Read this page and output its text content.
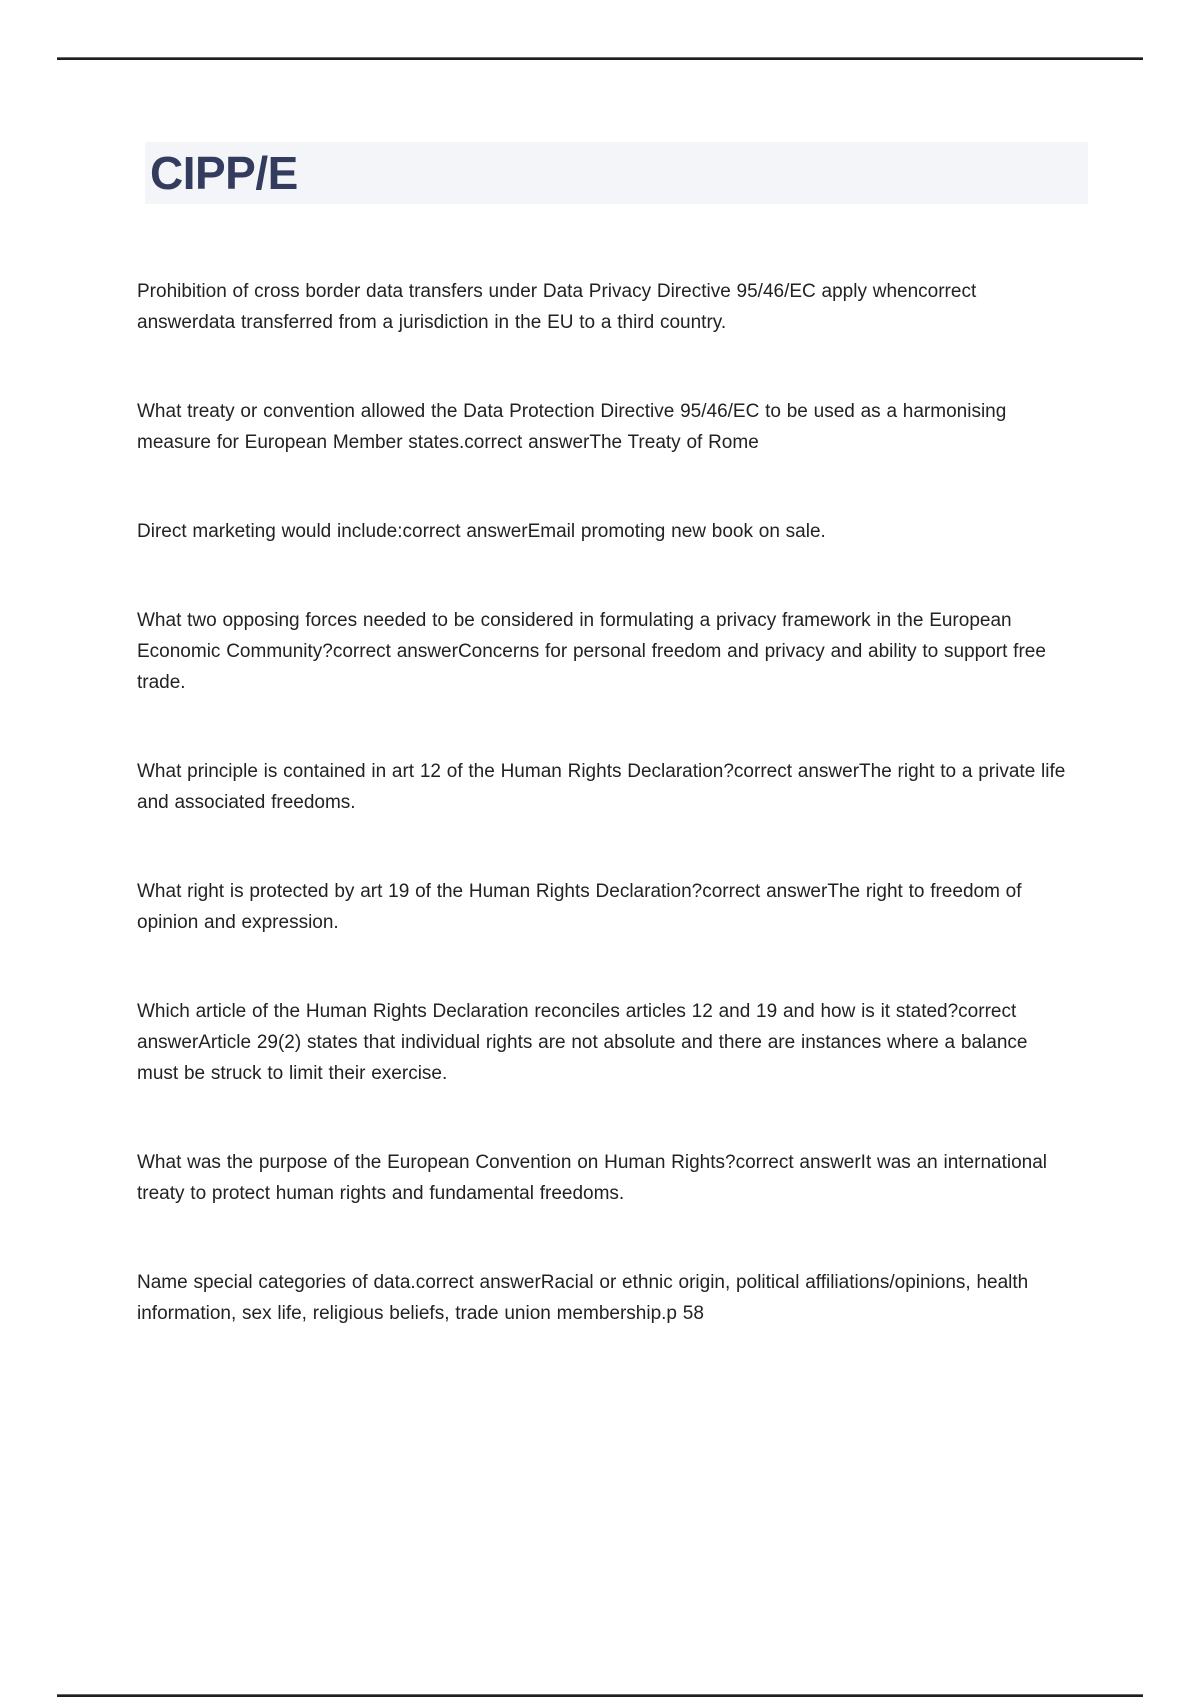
CIPP/E

Prohibition of cross border data transfers under Data Privacy Directive 95/46/EC apply whencorrect answerdata transferred from a jurisdiction in the EU to a third country.

What treaty or convention allowed the Data Protection Directive 95/46/EC to be used as a harmonising measure for European Member states.correct answerThe Treaty of Rome

Direct marketing would include:correct answerEmail promoting new book on sale.

What two opposing forces needed to be considered in formulating a privacy framework in the European Economic Community?correct answerConcerns for personal freedom and privacy and ability to support free trade.

What principle is contained in art 12 of the Human Rights Declaration?correct answerThe right to a private life and associated freedoms.

What right is protected by art 19 of the Human Rights Declaration?correct answerThe right to freedom of opinion and expression.

Which article of the Human Rights Declaration reconciles articles 12 and 19 and how is it stated?correct answerArticle 29(2) states that individual rights are not absolute and there are instances where a balance must be struck to limit their exercise.

What was the purpose of the European Convention on Human Rights?correct answerIt was an international treaty to protect human rights and fundamental freedoms.

Name special categories of data.correct answerRacial or ethnic origin, political affiliations/opinions, health information, sex life, religious beliefs, trade union membership.p 58
